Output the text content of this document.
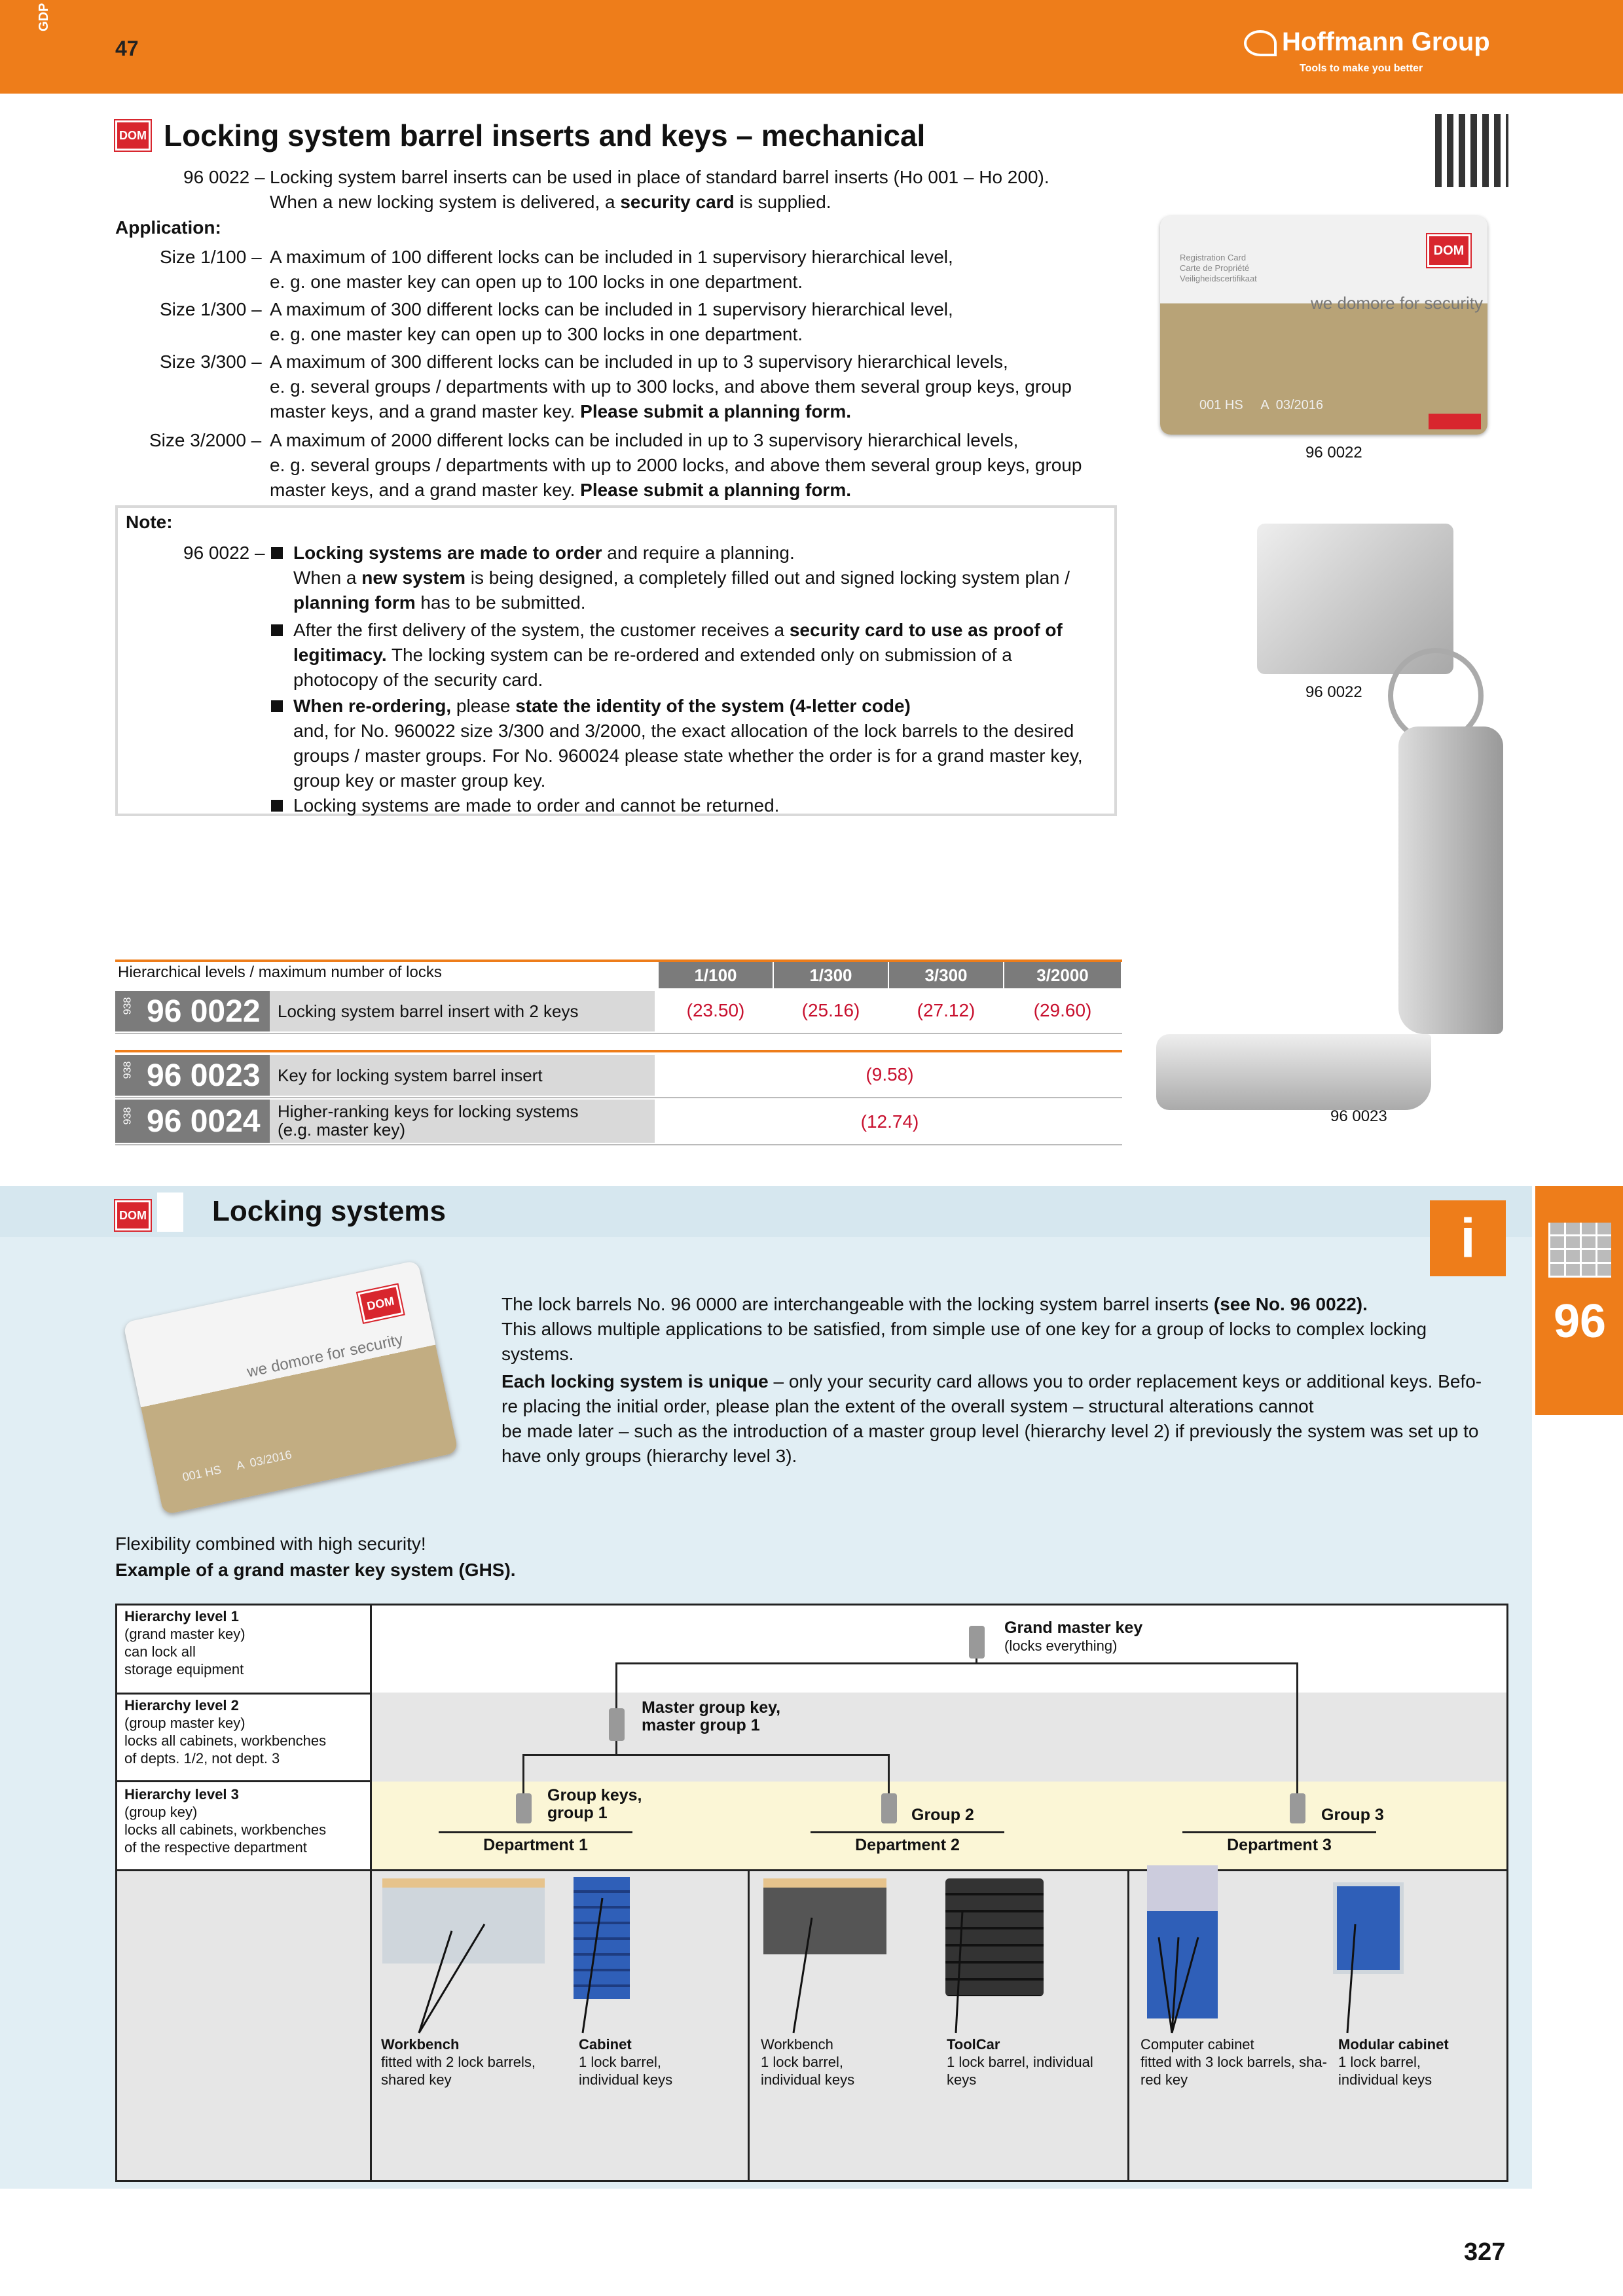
GDP
47	Hoffmann Group
Tools to make you better
DOM Locking system barrel inserts and keys – mechanical
96 0022 – Locking system barrel inserts can be used in place of standard barrel inserts (Ho 001 – Ho 200).
When a new locking system is delivered, a security card is supplied.
Application:
Size 1/100 – A maximum of 100 different locks can be included in 1 supervisory hierarchical level,
e. g. one master key can open up to 100 locks in one department.
Size 1/300 – A maximum of 300 different locks can be included in 1 supervisory hierarchical level,
e. g. one master key can open up to 300 locks in one department.
Size 3/300 – A maximum of 300 different locks can be included in up to 3 supervisory hierarchical levels,
e. g. several groups / departments with up to 300 locks, and above them several group keys, group
master keys, and a grand master key. Please submit a planning form.
Size 3/2000 – A maximum of 2000 different locks can be included in up to 3 supervisory hierarchical levels,
e. g. several groups / departments with up to 2000 locks, and above them several group keys, group
master keys, and a grand master key. Please submit a planning form.
Note:
96 0022 – Locking systems are made to order and require a planning.
When a new system is being designed, a completely filled out and signed locking system plan /
planning form has to be submitted.
After the first delivery of the system, the customer receives a security card to use as proof of
legitimacy. The locking system can be re-ordered and extended only on submission of a
photocopy of the security card.
When re-ordering, please state the identity of the system (4-letter code)
and, for No. 960022 size 3/300 and 3/2000, the exact allocation of the lock barrels to the desired
groups / master groups. For No. 960024 please state whether the order is for a grand master key,
group key or master group key.
Locking systems are made to order and cannot be returned.
DOM
Registration Card
Carte de Propriété
Veiligheidscertifikaat
we domore for security
001 HS     A  03/2016
96 0022
96 0022
96 0023
Hierarchical levels / maximum number of locks	1/100	1/300	3/300	3/2000
938 96 0022	Locking system barrel insert with 2 keys	(23.50)	(25.16)	(27.12)	(29.60)
938 96 0023	Key for locking system barrel insert	(9.58)
938 96 0024 Higher-ranking keys for locking systems
(e.g. master key)	(12.74)
DOM Locking systems	i
96
DOM
we domore for security
001 HS     A  03/2016
The lock barrels No. 96 0000 are interchangeable with the locking system barrel inserts (see No. 96 0022).
This allows multiple applications to be satisfied, from simple use of one key for a group of locks to complex locking
systems.
Each locking system is unique – only your security card allows you to order replacement keys or additional keys. Befo-
re placing the initial order, please plan the extent of the overall system – structural alterations cannot
be made later – such as the introduction of a master group level (hierarchy level 2) if previously the system was set up to
have only groups (hierarchy level 3).
Flexibility combined with high security!
Example of a grand master key system (GHS).
Hierarchy level 1
(grand master key)
can lock all
storage equipment
Hierarchy level 2
(group master key)
locks all cabinets, workbenches
of depts. 1/2, not dept. 3
Hierarchy level 3
(group key)
locks all cabinets, workbenches
of the respective department
Grand master key
(locks everything)
Master group key,
master group 1
Group keys,
group 1	Group 2	Group 3
Department 1	Department 2	Department 3
Workbench
fitted with 2 lock barrels,
shared key
Cabinet
1 lock barrel,
individual keys
Workbench
1 lock barrel,
individual keys
ToolCar
1 lock barrel, individual
keys
Computer cabinet
fitted with 3 lock barrels, sha-
red key
Modular cabinet
1 lock barrel,
individual keys
327
